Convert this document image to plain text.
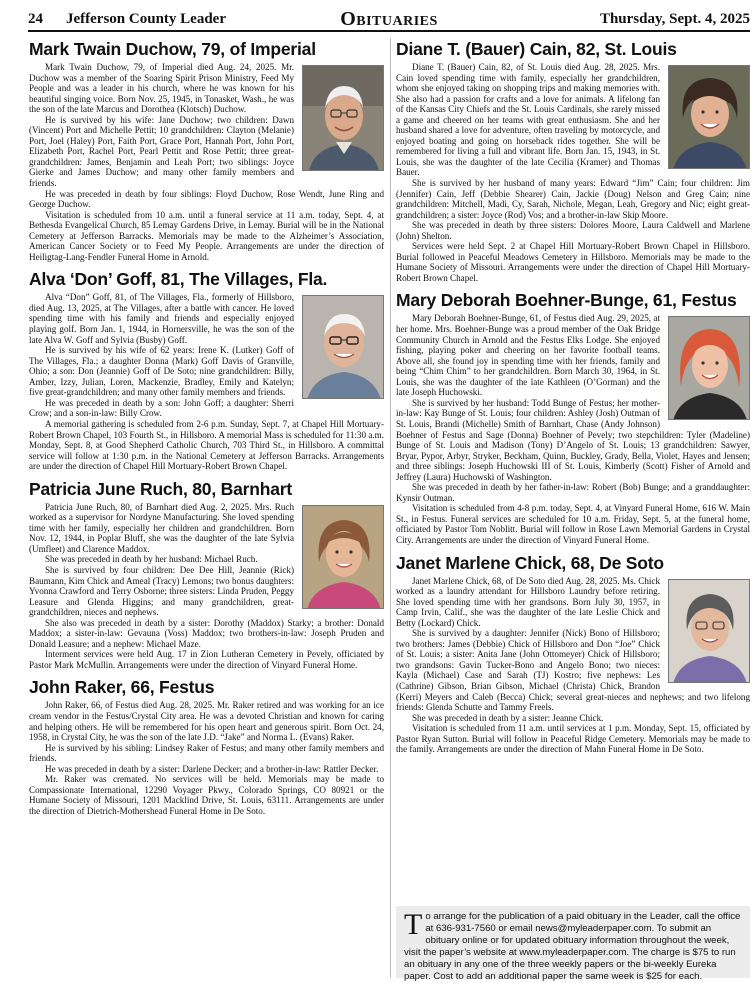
24 Jefferson County Leader	Obituaries	Thursday, Sept. 4, 2025
Mark Twain Duchow, 79, of Imperial

Mark Twain Duchow, 79, of Imperial died Aug. 24, 2025. Mr. Duchow was a member of the Soaring Spirit Prison Ministry, Feed My People and was a leader in his church, where he was known for his beautiful singing voice. Born Nov. 25, 1945, in Tonasket, Wash., he was the son of the late Marcus and Dorothea (Klotsch) Duchow.

He is survived by his wife: Jane Duchow; two children: Dawn (Vincent) Port and Michelle Pettit; 10 grandchildren: Clayton (Melanie) Port, Joel (Haley) Port, Faith Port, Grace Port, Hannah Port, John Port, Elizabeth Port, Rachel Port, Pearl Pettit and Rose Pettit; three great-grandchildren: James, Benjamin and Leah Port; two siblings: Joyce Gierke and James Duchow; and many other family members and friends.

He was preceded in death by four siblings: Floyd Duchow, Rose Wendt, June Ring and George Duchow.

Visitation is scheduled from 10 a.m. until a funeral service at 11 a.m. today, Sept. 4, at Bethesda Evangelical Church, 85 Lemay Gardens Drive, in Lemay. Burial will be in the National Cemetery at Jefferson Barracks. Memorials may be made to the Alzheimer’s Association, American Cancer Society or to Feed My People. Arrangements are under the direction of Heiligtag-Lang-Fendler Funeral Home in Arnold.

Alva ‘Don’ Goff, 81, The Villages, Fla.

Alva “Don” Goff, 81, of The Villages, Fla., formerly of Hillsboro, died Aug. 13, 2025, at The Villages, after a battle with cancer. He loved spending time with his family and friends and especially enjoyed playing golf. Born Jan. 1, 1944, in Hornersville, he was the son of the late Alva W. Goff and Sylvia (Busby) Goff.

He is survived by his wife of 62 years: Irene K. (Lutker) Goff of The Villages, Fla.; a daughter Donna (Mark) Goff Davis of Granville, Ohio; a son: Don (Jeannie) Goff of De Soto; nine grandchildren: Billy, Amber, Izzy, Julian, Loren, Mackenzie, Bradley, Emily and Katelyn; five great-grandchildren; and many other family members and friends.

He was preceded in death by a son: John Goff; a daughter: Sherri Crow; and a son-in-law: Billy Crow.

A memorial gathering is scheduled from 2-6 p.m. Sunday, Sept. 7, at Chapel Hill Mortuary-Robert Brown Chapel, 103 Fourth St., in Hillsboro. A memorial Mass is scheduled for 11:30 a.m. Monday, Sept. 8, at Good Shepherd Catholic Church, 703 Third St., in Hillsboro. A committal service will follow at 1:30 p.m. in the National Cemetery at Jefferson Barracks. Arrangements are under the direction of Chapel Hill Mortuary-Robert Brown Chapel.

Patricia June Ruch, 80, Barnhart

Patricia June Ruch, 80, of Barnhart died Aug. 2, 2025. Mrs. Ruch worked as a supervisor for Nordyne Manufacturing. She loved spending time with her family, especially her children and grandchildren. Born Nov. 12, 1944, in Poplar Bluff, she was the daughter of the late Sylvia (Umfleet) and Clarence Maddox.

She was preceded in death by her husband: Michael Ruch.

She is survived by four children: Dee Dee Hill, Jeannie (Rick) Baumann, Kim Chick and Ameal (Tracy) Lemons; two bonus daughters: Yvonna Crawford and Terry Osborne; three sisters: Linda Pruden, Peggy Leasure and Glenda Higgins; and many grandchildren, great-grandchildren, nieces and nephews.

She also was preceded in death by a sister: Dorothy (Maddox) Starky; a brother: Donald Maddox; a sister-in-law: Gevauna (Voss) Maddox; two brothers-in-law: Joseph Pruden and Donald Leasure; and a nephew: Michael Maze.

Interment services were held Aug. 17 in Zion Lutheran Cemetery in Pevely, officiated by Pastor Mark McMullin. Arrangements were under the direction of Vinyard Funeral Home.

John Raker, 66, Festus

John Raker, 66, of Festus died Aug. 28, 2025. Mr. Raker retired and was working for an ice cream vendor in the Festus/Crystal City area. He was a devoted Christian and known for caring and helping others. He will be remembered for his open heart and generous spirit. Born Oct. 24, 1958, in Crystal City, he was the son of the late J.D. “Jake” and Norma L. (Evans) Raker.

He is survived by his sibling: Lindsey Raker of Festus; and many other family members and friends.

He was preceded in death by a sister: Darlene Decker; and a brother-in-law: Rattler Decker.

Mr. Raker was cremated. No services will be held. Memorials may be made to Compassionate International, 12290 Voyager Pkwy., Colorado Springs, CO 80921 or the Humane Society of Missouri, 1201 Macklind Drive, St. Louis, 63111. Arrangements are under the direction of Dietrich-Mothershead Funeral Home in De Soto.

Diane T. (Bauer) Cain, 82, St. Louis

Diane T. (Bauer) Cain, 82, of St. Louis died Aug. 28, 2025. Mrs. Cain loved spending time with family, especially her grandchildren, whom she enjoyed taking on shopping trips and making memories with. She also had a passion for crafts and a love for animals. A lifelong fan of the Kansas City Chiefs and the St. Louis Cardinals, she rarely missed a game and cheered on her teams with great enthusiasm. She and her husband shared a love for adventure, often traveling by motorcycle, and enjoyed boating and going on horseback rides together. She will be remembered for living a full and vibrant life. Born Jan. 15, 1943, in St. Louis, she was the daughter of the late Cecilia (Kramer) and Thomas Bauer.

She is survived by her husband of many years: Edward “Jim” Cain; four children: Jim (Jennifer) Cain, Jeff (Debbie Shearer) Cain, Jackie (Doug) Nelson and Greg Cain; nine grandchildren: Mitchell, Madi, Cy, Sarah, Nichole, Megan, Leah, Gregory and Nic; eight great-grandchildren; a sister: Joyce (Rod) Vos; and a brother-in-law Skip Moore.

She was preceded in death by three sisters: Dolores Moore, Laura Caldwell and Marlene (John) Shelton.

Services were held Sept. 2 at Chapel Hill Mortuary-Robert Brown Chapel in Hillsboro. Burial followed in Peaceful Meadows Cemetery in Hillsboro. Memorials may be made to the Humane Society of Missouri. Arrangements were under the direction of Chapel Hill Mortuary-Robert Brown Chapel.

Mary Deborah Boehner-Bunge, 61, Festus

Mary Deborah Boehner-Bunge, 61, of Festus died Aug. 29, 2025, at her home. Mrs. Boehner-Bunge was a proud member of the Oak Bridge Community Church in Arnold and the Festus Elks Lodge. She enjoyed fishing, playing poker and cheering on her favorite football teams. Above all, she found joy in spending time with her friends, family and being “Chim Chim” to her grandchildren. Born March 30, 1964, in St. Louis, she was the daughter of the late Kathleen (O’Gorman) and the late Joseph Huchowski.

She is survived by her husband: Todd Bunge of Festus; her mother-in-law: Kay Bunge of St. Louis; four children: Ashley (Josh) Outman of St. Louis, Brandi (Michelle) Smith of Barnhart, Chase (Andy Johnson) Boehner of Festus and Sage (Donna) Boehner of Pevely; two stepchildren: Tyler (Madeline) Bunge of St. Louis and Madison (Tony) D’Angelo of St. Louis; 13 grandchildren: Sawyer, Bryar, Pypor, Arbyr, Stryker, Beckham, Quinn, Buckley, Grady, Bella, Violet, Hayes and Jensen; and three siblings: Joseph Huchowski III of St. Louis, Kimberly (Scott) Fisher of Arnold and Jeffrey (Laura) Huchowski of Washington.

She was preceded in death by her father-in-law: Robert (Bob) Bunge; and a granddaughter: Kynsir Outman.

Visitation is scheduled from 4-8 p.m. today, Sept. 4, at Vinyard Funeral Home, 616 W. Main St., in Festus. Funeral services are scheduled for 10 a.m. Friday, Sept. 5, at the funeral home, officiated by Pastor Tom Noblitt. Burial will follow in Rose Lawn Memorial Gardens in Crystal City. Arrangements are under the direction of Vinyard Funeral Home.

Janet Marlene Chick, 68, De Soto

Janet Marlene Chick, 68, of De Soto died Aug. 28, 2025. Ms. Chick worked as a laundry attendant for Hillsboro Laundry before retiring. She loved spending time with her grandsons. Born July 30, 1957, in Camp Irvin, Calif., she was the daughter of the late Leslie Chick and Betty (Lockard) Chick.

She is survived by a daughter: Jennifer (Nick) Bono of Hillsboro; two brothers: James (Debbie) Chick of Hillsboro and Don “Joe” Chick of St. Louis; a sister: Anita Jane (John Ottomeyer) Chick of Hillsboro; two grandsons: Gavin Tucker-Bono and Angelo Bono; two nieces: Kayla (Michael) Case and Sarah (TJ) Kostro; five nephews: Les (Cathrine) Gibson, Brian Gibson, Michael (Christa) Chick, Brandon (Kerri) Meyers and Caleb (Becca) Chick; several great-nieces and nephews; and two lifelong friends: Glenda Schutte and Tammy Freels.

She was preceded in death by a sister: Jeanne Chick.

Visitation is scheduled from 11 a.m. until services at 1 p.m. Monday, Sept. 15, officiated by Pastor Ryan Sutton. Burial will follow in Peaceful Ridge Cemetery. Memorials may be made to the family. Arrangements are under the direction of Mahn Funeral Home in De Soto.

T o arrange for the publication of a paid obituary in the Leader, call the office at 636-931-7560 or email news@myleaderpaper.com. To submit an obituary online or for updated obituary information throughout the week, visit the paper’s website at www.myleaderpaper.com. The charge is $75 to run an obituary in any one of the three weekly papers or the bi-weekly Eureka paper. Cost to add an additional paper the same week is $25 for each.
